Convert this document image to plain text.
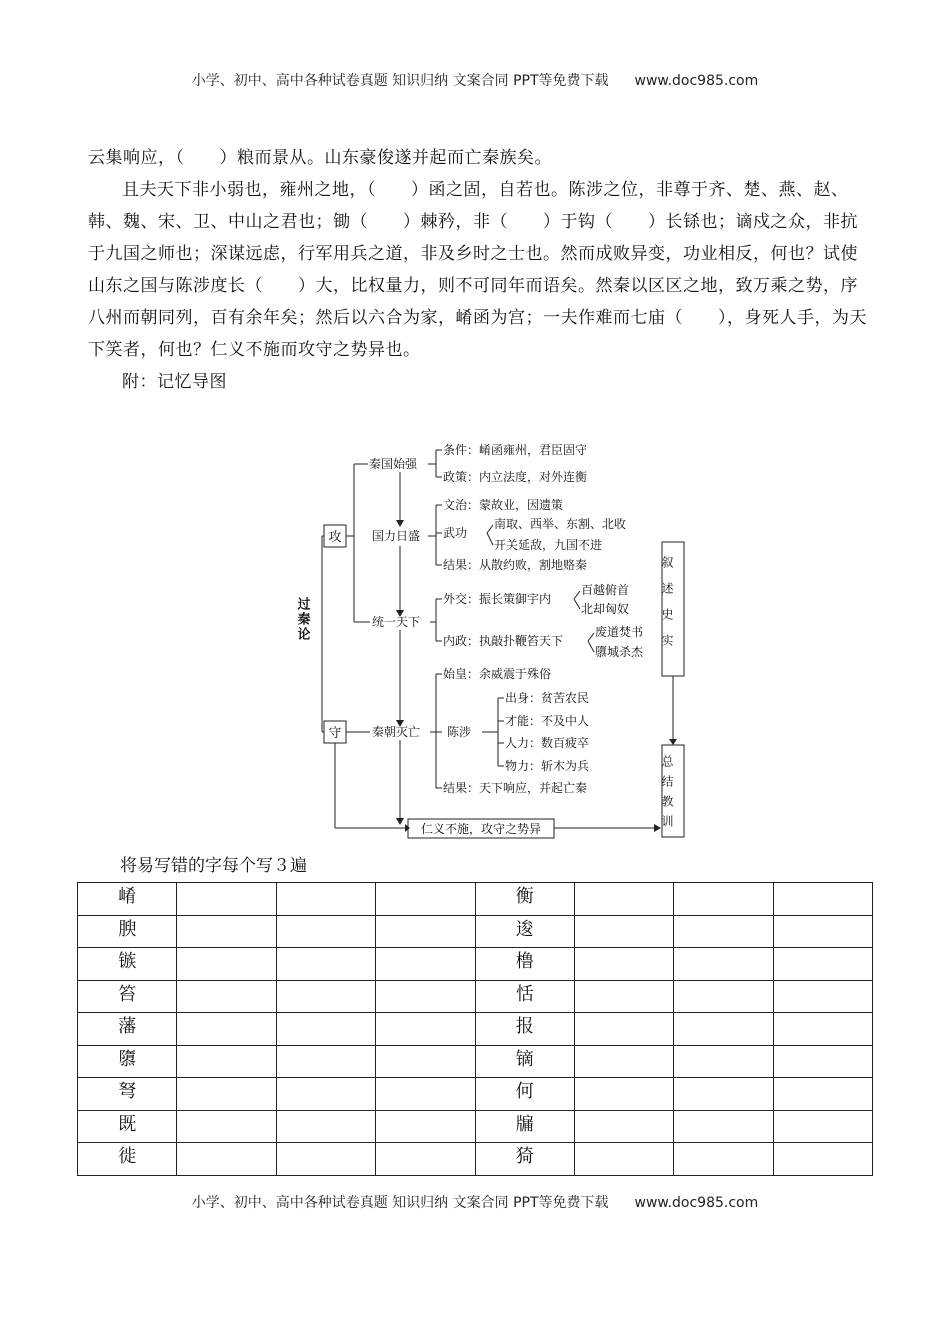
小学、初中、高中各种试卷真题 知识归纳 文案合同 PPT等免费下载 www.doc985.com

云集响应，（　　）粮而景从。山东豪俊遂并起而亡秦族矣。

且夫天下非小弱也，雍州之地，（　　）函之固，自若也。陈涉之位，非尊于齐、楚、燕、赵、韩、魏、宋、卫、中山之君也；锄（　　）棘矜，非（　　）于钩（　　）长铩也；谪戍之众，非抗于九国之师也；深谋远虑，行军用兵之道，非及乡时之士也。然而成败异变，功业相反，何也？试使山东之国与陈涉度长（　　）大，比权量力，则不可同年而语矣。然秦以区区之地，致万乘之势，序八州而朝同列，百有余年矣；然后以六合为家，崤函为宫；一夫作难而七庙（　　），身死人手，为天下笑者，何也？仁义不施而攻守之势异也。

附：记忆导图

过秦论
攻
守
秦国始强
条件：崤函雍州，君臣固守
政策：内立法度，对外连衡
国力日盛
文治：蒙故业，因遗策
武功
南取、西举、东割、北收
开关延敌，九国不进
结果：从散约败，割地赂秦
统一天下
外交：振长策御宇内
百越俯首
北却匈奴
内政：执敲扑鞭笞天下
废道焚书
隳城杀杰
秦朝灭亡
始皇：余威震于殊俗
陈涉
出身：贫苦农民
才能：不及中人
人力：数百疲卒
物力：斩木为兵
结果：天下响应，并起亡秦
仁义不施，攻守之势异
叙述史实
总结教训
将易写错的字每个写３遍
崤				衡			
腴				逡			
镞				橹			
笞				恬			
藩				报			
隳				镝			
弩				何			
既				牖			
徙				猗			
小学、初中、高中各种试卷真题 知识归纳 文案合同 PPT等免费下载 www.doc985.com
